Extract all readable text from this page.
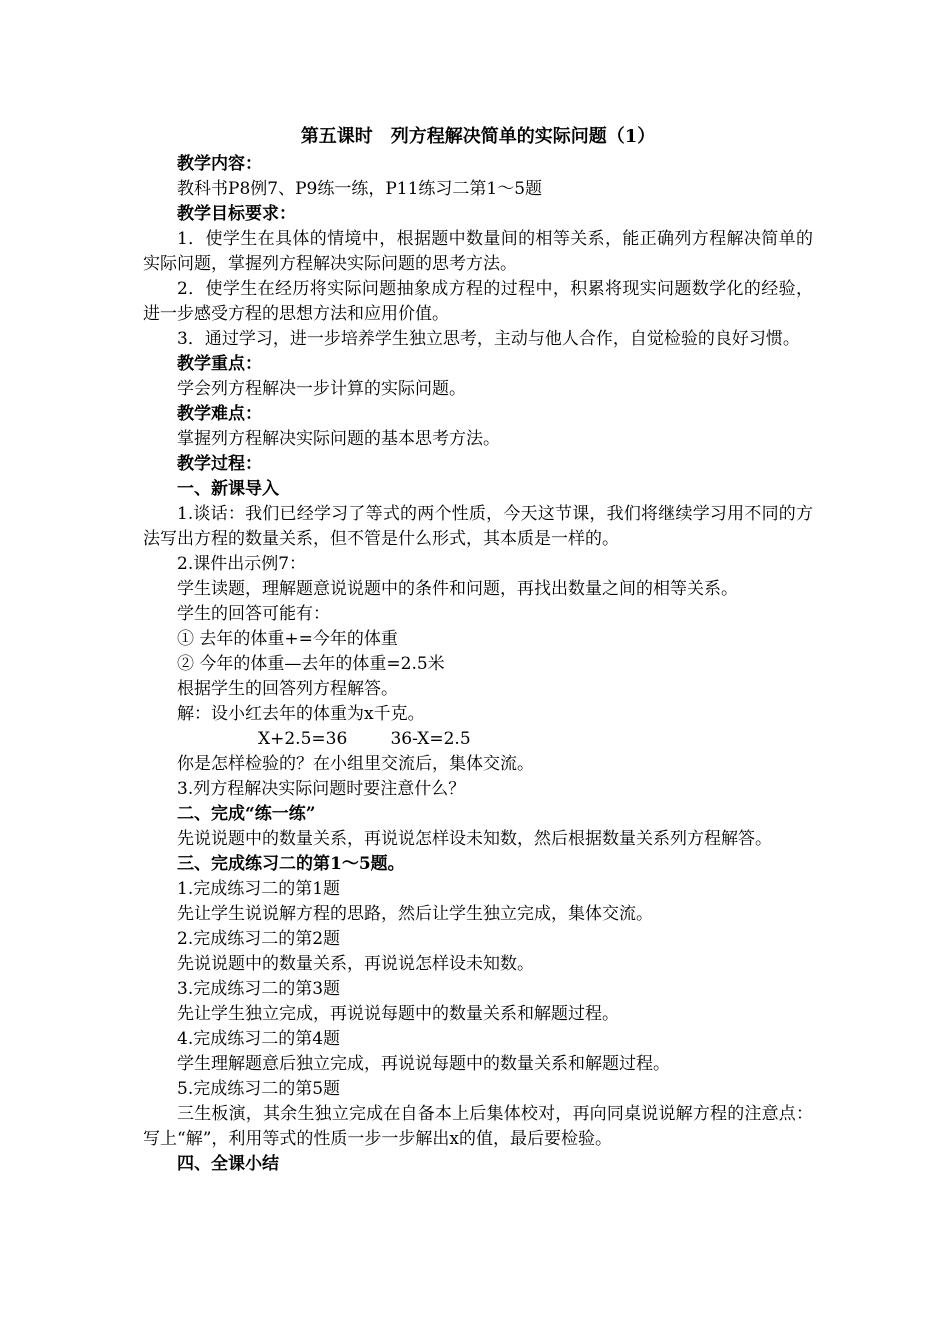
第五课时　列方程解决简单的实际问题（1）

教学内容：

教科书P8例7、P9练一练，P11练习二第1～5题

教学目标要求：

1．使学生在具体的情境中，根据题中数量间的相等关系，能正确列方程解决简单的实际问题，掌握列方程解决实际问题的思考方法。

2．使学生在经历将实际问题抽象成方程的过程中，积累将现实问题数学化的经验，进一步感受方程的思想方法和应用价值。

3．通过学习，进一步培养学生独立思考，主动与他人合作，自觉检验的良好习惯。

教学重点：

学会列方程解决一步计算的实际问题。

教学难点：

掌握列方程解决实际问题的基本思考方法。

教学过程：

一、新课导入

1.谈话：我们已经学习了等式的两个性质，今天这节课，我们将继续学习用不同的方法写出方程的数量关系，但不管是什么形式，其本质是一样的。

2.课件出示例7：

学生读题，理解题意说说题中的条件和问题，再找出数量之间的相等关系。

学生的回答可能有：

① 去年的体重+=今年的体重

② 今年的体重—去年的体重=2.5米

根据学生的回答列方程解答。

解：设小红去年的体重为x千克。

X+2.5=36        36-X=2.5

你是怎样检验的？在小组里交流后，集体交流。

3.列方程解决实际问题时要注意什么？

二、完成“练一练”

先说说题中的数量关系，再说说怎样设未知数，然后根据数量关系列方程解答。

三、完成练习二的第1～5题。

1.完成练习二的第1题

先让学生说说解方程的思路，然后让学生独立完成，集体交流。

2.完成练习二的第2题

先说说题中的数量关系，再说说怎样设未知数。

3.完成练习二的第3题

先让学生独立完成，再说说每题中的数量关系和解题过程。

4.完成练习二的第4题

学生理解题意后独立完成，再说说每题中的数量关系和解题过程。

5.完成练习二的第5题

三生板演，其余生独立完成在自备本上后集体校对，再向同桌说说解方程的注意点：写上“解”，利用等式的性质一步一步解出x的值，最后要检验。

四、全课小结
